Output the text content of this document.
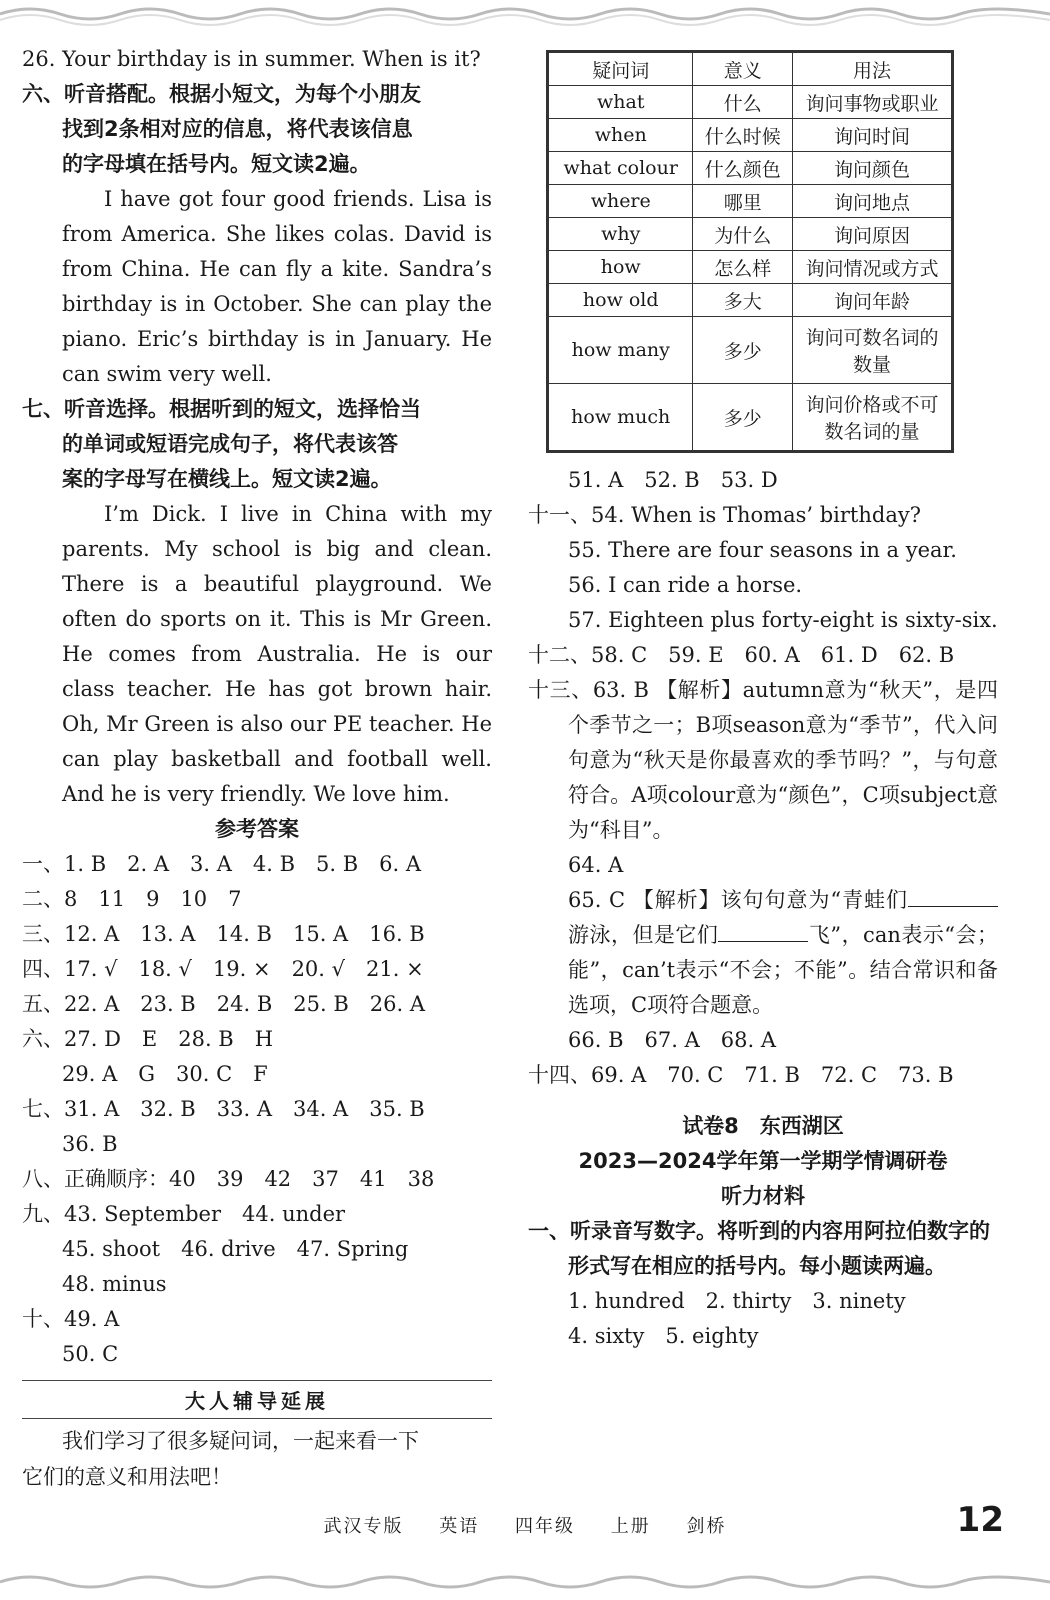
26. Your birthday is in summer. When is it?
六、听音搭配。根据小短文，为每个小朋友
找到2条相对应的信息，将代表该信息
的字母填在括号内。短文读2遍。
I have got four good friends. Lisa is from America. She likes colas. David is from China. He can fly a kite. Sandra’s birthday is in October. She can play the piano. Eric’s birthday is in January. He can swim very well.
七、听音选择。根据听到的短文，选择恰当
的单词或短语完成句子，将代表该答
案的字母写在横线上。短文读2遍。
I’m Dick. I live in China with my parents. My school is big and clean. There is a beautiful playground. We often do sports on it. This is Mr Green. He comes from Australia. He is our class teacher. He has got brown hair. Oh, Mr Green is also our PE teacher. He can play basketball and football well. And he is very friendly. We love him.
参考答案
一、1. B　2. A　3. A　4. B　5. B　6. A
二、8　11　9　10　7
三、12. A　13. A　14. B　15. A　16. B
四、17. √　18. √　19. ×　20. √　21. ×
五、22. A　23. B　24. B　25. B　26. A
六、27. D　E　28. B　H
29. A　G　30. C　F
七、31. A　32. B　33. A　34. A　35. B
36. B
八、正确顺序：40　39　42　37　41　38
九、43. September　44. under
45. shoot　46. drive　47. Spring
48. minus
十、49. A
50. C
大人辅导延展
我们学习了很多疑问词，一起来看一下
它们的意义和用法吧！
疑问词	意义	用法
what	什么	询问事物或职业
when	什么时候	询问时间
what colour	什么颜色	询问颜色
where	哪里	询问地点
why	为什么	询问原因
how	怎么样	询问情况或方式
how old	多大	询问年龄
how many	多少	询问可数名词的数量
how much	多少	询问价格或不可数名词的量
51. A　52. B　53. D
十一、54. When is Thomas’ birthday?
55. There are four seasons in a year.
56. I can ride a horse.
57. Eighteen plus forty-eight is sixty-six.
十二、58. C　59. E　60. A　61. D　62. B
十三、63. B 【解析】autumn意为“秋天”，是四个季节之一；B项season意为“季节”，代入问句意为“秋天是你最喜欢的季节吗？”，与句意符合。A项colour意为“颜色”，C项subject意为“科目”。
64. A
65. C 【解析】该句句意为“青蛙们游泳，但是它们	飞”，can表示“会；能”，can’t表示“不会；不能”。结合常识和备选项，C项符合题意。
66. B　67. A　68. A
十四、69. A　70. C　71. B　72. C　73. B
试卷8　东西湖区
2023—2024学年第一学期学情调研卷
听力材料
一、听录音写数字。将听到的内容用阿拉伯数字的形式写在相应的括号内。每小题读两遍。
1. hundred　2. thirty　3. ninety
4. sixty　5. eighty
武汉专版 英语 四年级 上册 剑桥	12
